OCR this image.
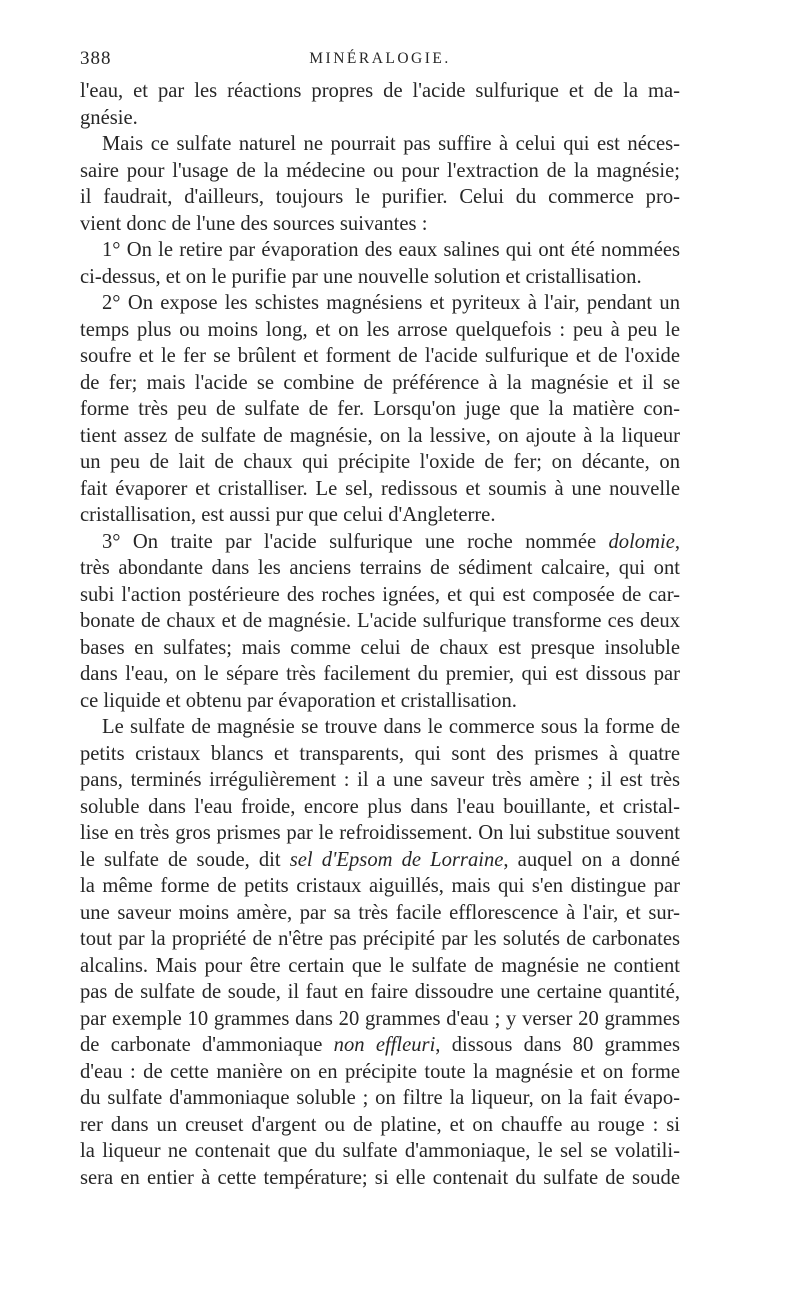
388	MINÉRALOGIE.
l'eau, et par les réactions propres de l'acide sulfurique et de la ma-
gnésie.
Mais ce sulfate naturel ne pourrait pas suffire à celui qui est néces-
saire pour l'usage de la médecine ou pour l'extraction de la magnésie;
il faudrait, d'ailleurs, toujours le purifier. Celui du commerce pro-
vient donc de l'une des sources suivantes :
1° On le retire par évaporation des eaux salines qui ont été nommées
ci-dessus, et on le purifie par une nouvelle solution et cristallisation.
2° On expose les schistes magnésiens et pyriteux à l'air, pendant un
temps plus ou moins long, et on les arrose quelquefois : peu à peu le
soufre et le fer se brûlent et forment de l'acide sulfurique et de l'oxide
de fer; mais l'acide se combine de préférence à la magnésie et il se
forme très peu de sulfate de fer. Lorsqu'on juge que la matière con-
tient assez de sulfate de magnésie, on la lessive, on ajoute à la liqueur
un peu de lait de chaux qui précipite l'oxide de fer; on décante, on
fait évaporer et cristalliser. Le sel, redissous et soumis à une nouvelle
cristallisation, est aussi pur que celui d'Angleterre.
3° On traite par l'acide sulfurique une roche nommée dolomie,
très abondante dans les anciens terrains de sédiment calcaire, qui ont
subi l'action postérieure des roches ignées, et qui est composée de car-
bonate de chaux et de magnésie. L'acide sulfurique transforme ces deux
bases en sulfates; mais comme celui de chaux est presque insoluble
dans l'eau, on le sépare très facilement du premier, qui est dissous par
ce liquide et obtenu par évaporation et cristallisation.
Le sulfate de magnésie se trouve dans le commerce sous la forme de
petits cristaux blancs et transparents, qui sont des prismes à quatre
pans, terminés irrégulièrement : il a une saveur très amère ; il est très
soluble dans l'eau froide, encore plus dans l'eau bouillante, et cristal-
lise en très gros prismes par le refroidissement. On lui substitue souvent
le sulfate de soude, dit sel d'Epsom de Lorraine, auquel on a donné
la même forme de petits cristaux aiguillés, mais qui s'en distingue par
une saveur moins amère, par sa très facile efflorescence à l'air, et sur-
tout par la propriété de n'être pas précipité par les solutés de carbonates
alcalins. Mais pour être certain que le sulfate de magnésie ne contient
pas de sulfate de soude, il faut en faire dissoudre une certaine quantité,
par exemple 10 grammes dans 20 grammes d'eau ; y verser 20 grammes
de carbonate d'ammoniaque non effleuri, dissous dans 80 grammes
d'eau : de cette manière on en précipite toute la magnésie et on forme
du sulfate d'ammoniaque soluble ; on filtre la liqueur, on la fait évapo-
rer dans un creuset d'argent ou de platine, et on chauffe au rouge : si
la liqueur ne contenait que du sulfate d'ammoniaque, le sel se volatili-
sera en entier à cette température; si elle contenait du sulfate de soude
